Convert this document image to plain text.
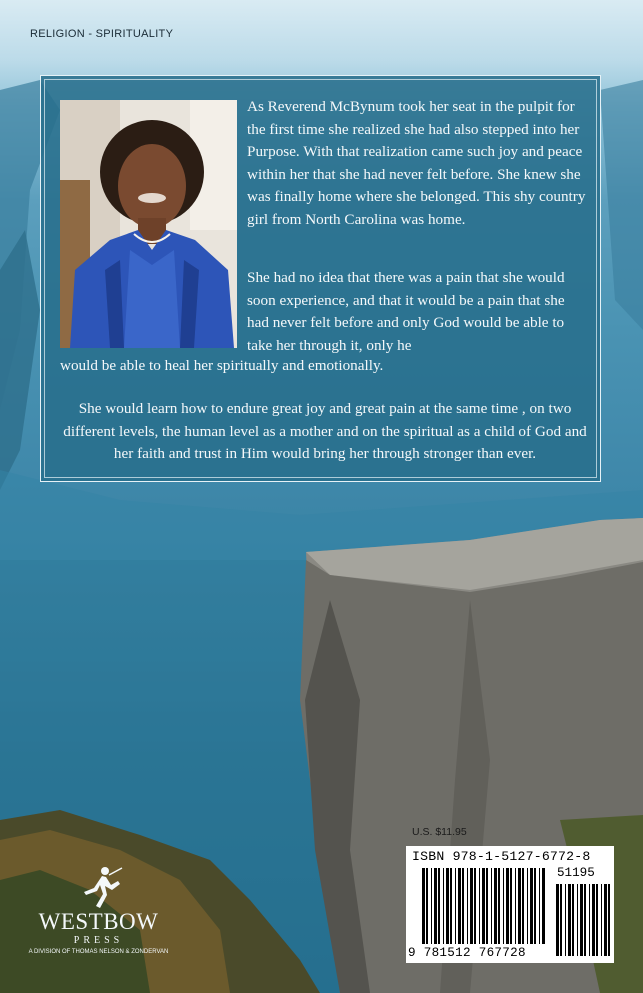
RELIGION - SPIRITUALITY

As Reverend McBynum took her seat in the pulpit for the first time she realized she had also stepped into her Purpose. With that realization came such joy and peace within her that she had never felt before. She knew she was finally home where she belonged. This shy country girl from North Carolina was home.

She had no idea that there was a pain that she would soon experience, and that it would be a pain that she had never felt before and only God would be able to take her through it, only he

would be able to heal her spiritually and emotionally.

She would learn how to endure great joy and great pain at the same time , on two different levels, the human level as a mother and on the spiritual as a child of God and her faith and trust in Him would bring her through stronger than ever.

U.S. $11.95
ISBN 978-1-5127-6772-8
51195
9 781512 767728
WESTBOW
PRESS
A DIVISION OF THOMAS NELSON & ZONDERVAN
